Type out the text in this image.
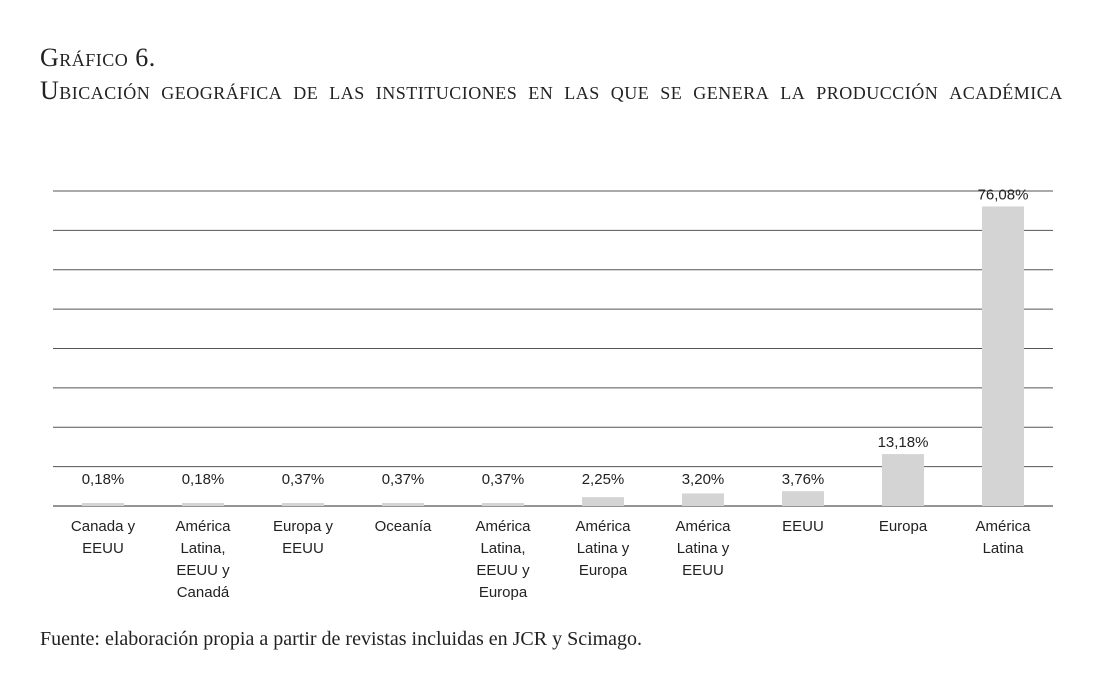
Gráfico 6.
Ubicación geográfica de las instituciones en las que se genera la producción académica
0,18%	0,18%	0,37%	0,37%	0,37%	2,25%	3,20%	3,76%
13,18%
76,08%
Canada y EEUU
América Latina, EEUU y Canadá
Europa y EEUU
Oceanía	América Latina, EEUU y Europa
América Latina y Europa
América Latina y EEUU
EEUU	Europa	América Latina
Fuente: elaboración propia a partir de revistas incluidas en JCR y Scimago.
